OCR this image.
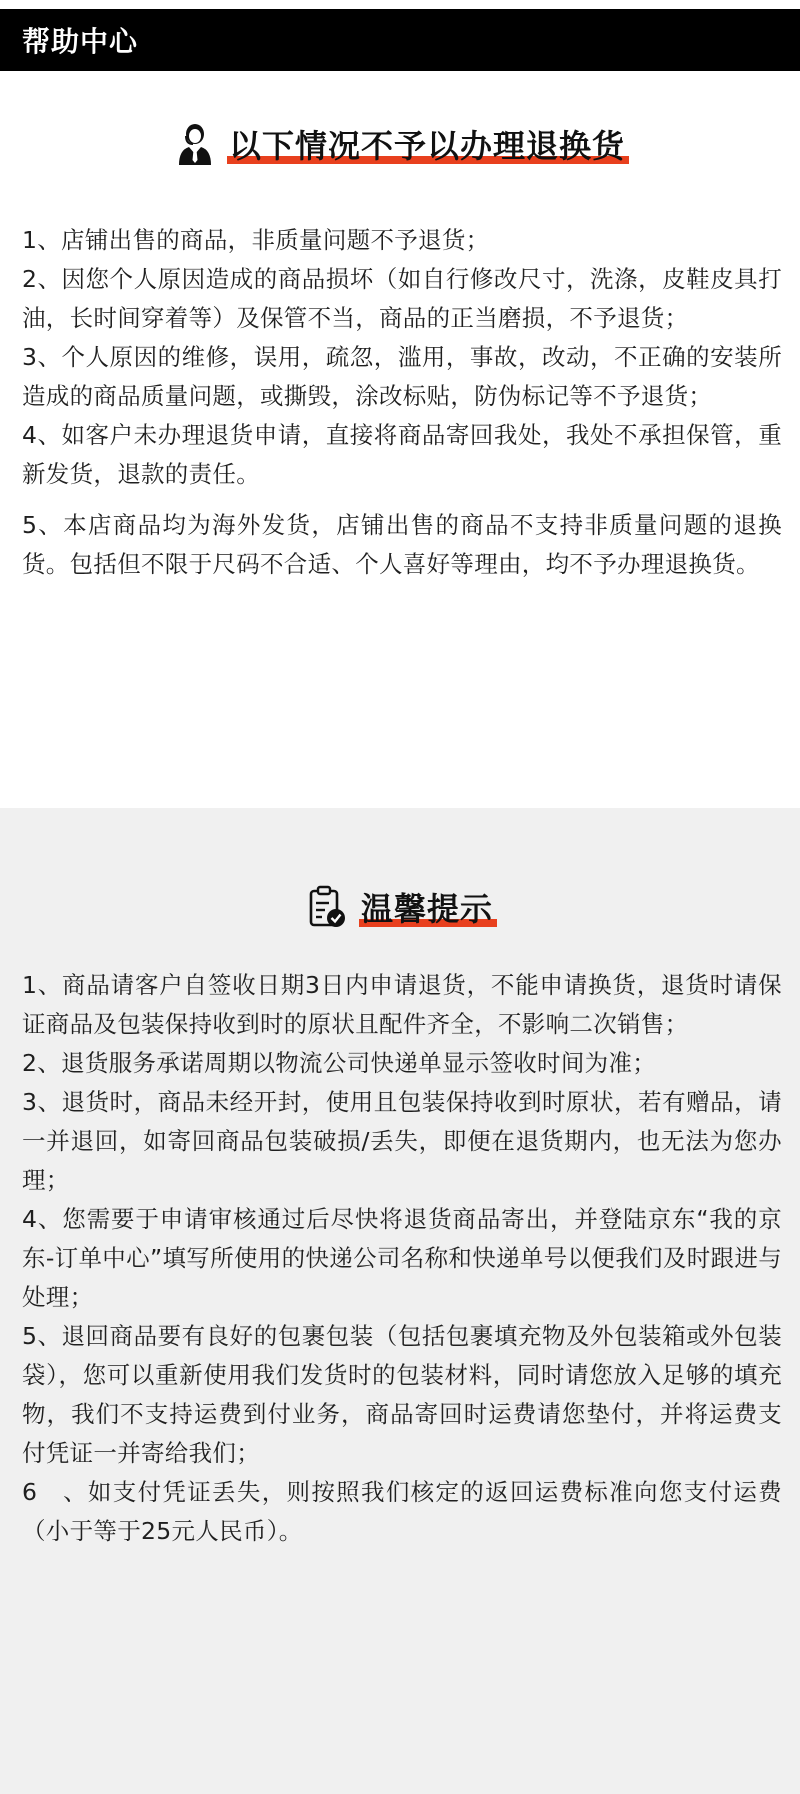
帮助中心
以下情况不予以办理退换货

1、店铺出售的商品，非质量问题不予退货；

2、因您个人原因造成的商品损坏（如自行修改尺寸，洗涤，皮鞋皮具打油，长时间穿着等）及保管不当，商品的正当磨损，不予退货；

3、个人原因的维修，误用，疏忽，滥用，事故，改动，不正确的安装所造成的商品质量问题，或撕毁，涂改标贴，防伪标记等不予退货；

4、如客户未办理退货申请，直接将商品寄回我处，我处不承担保管，重新发货，退款的责任。

5、本店商品均为海外发货，店铺出售的商品不支持非质量问题的退换货。包括但不限于尺码不合适、个人喜好等理由，均不予办理退换货。

温馨提示

1、商品请客户自签收日期3日内申请退货，不能申请换货，退货时请保证商品及包装保持收到时的原状且配件齐全，不影响二次销售；

2、退货服务承诺周期以物流公司快递单显示签收时间为准；

3、退货时，商品未经开封，使用且包装保持收到时原状，若有赠品，请一并退回，如寄回商品包装破损/丢失，即便在退货期内，也无法为您办理；

4、您需要于申请审核通过后尽快将退货商品寄出，并登陆京东“我的京东-订单中心”填写所使用的快递公司名称和快递单号以便我们及时跟进与处理；

5、退回商品要有良好的包裹包装（包括包裹填充物及外包装箱或外包装袋），您可以重新使用我们发货时的包装材料，同时请您放入足够的填充物，我们不支持运费到付业务，商品寄回时运费请您垫付，并将运费支付凭证一并寄给我们；

6　、如支付凭证丢失，则按照我们核定的返回运费标准向您支付运费（小于等于25元人民币）。
